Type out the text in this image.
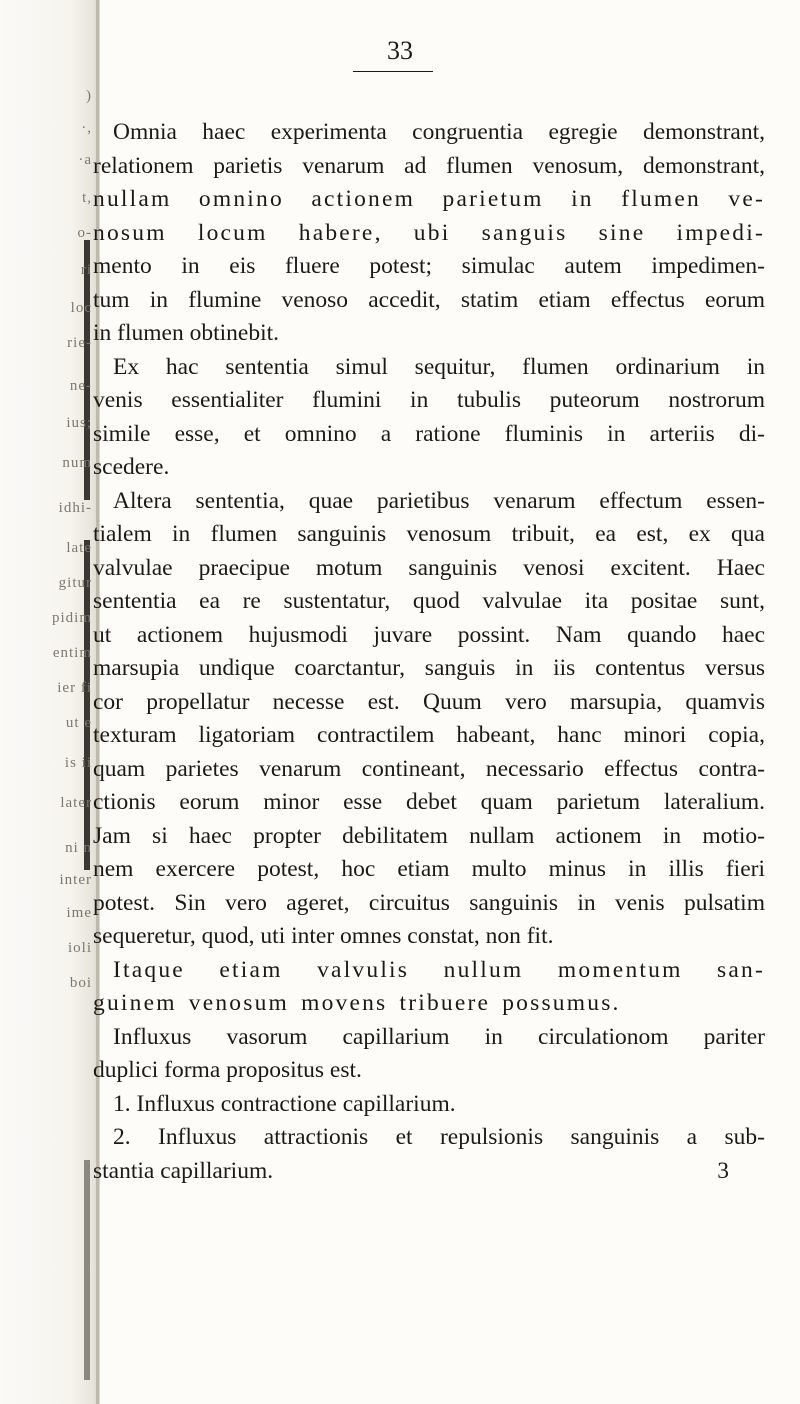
)
·,
·a
t,
o-
ri
loc
rie-
ne-
ius;
num
idhi-
late
gitur
pidim
entim
ier fi
ut e
is ii
later
ni n
inter
ime
ioli
boi
33
Omnia haec experimenta congruentia egregie demonstrant,
relationem parietis venarum ad flumen venosum, demonstrant,
nullam omnino actionem parietum in flumen ve-
nosum locum habere, ubi sanguis sine impedi-
mento in eis fluere potest; simulac autem impedimen-
tum in flumine venoso accedit, statim etiam effectus eorum
in flumen obtinebit.
Ex hac sententia simul sequitur, flumen ordinarium in
venis essentialiter flumini in tubulis puteorum nostrorum
simile esse, et omnino a ratione fluminis in arteriis di-
scedere.
Altera sententia, quae parietibus venarum effectum essen-
tialem in flumen sanguinis venosum tribuit, ea est, ex qua
valvulae praecipue motum sanguinis venosi excitent. Haec
sententia ea re sustentatur, quod valvulae ita positae sunt,
ut actionem hujusmodi juvare possint. Nam quando haec
marsupia undique coarctantur, sanguis in iis contentus versus
cor propellatur necesse est. Quum vero marsupia, quamvis
texturam ligatoriam contractilem habeant, hanc minori copia,
quam parietes venarum contineant, necessario effectus contra-
ctionis eorum minor esse debet quam parietum lateralium.
Jam si haec propter debilitatem nullam actionem in motio-
nem exercere potest, hoc etiam multo minus in illis fieri
potest. Sin vero ageret, circuitus sanguinis in venis pulsatim
sequeretur, quod, uti inter omnes constat, non fit.
Itaque etiam valvulis nullum momentum san-
guinem venosum movens tribuere possumus.
Influxus vasorum capillarium in circulationom pariter
duplici forma propositus est.
1. Influxus contractione capillarium.
2. Influxus attractionis et repulsionis sanguinis a sub-
stantia capillarium.	3
